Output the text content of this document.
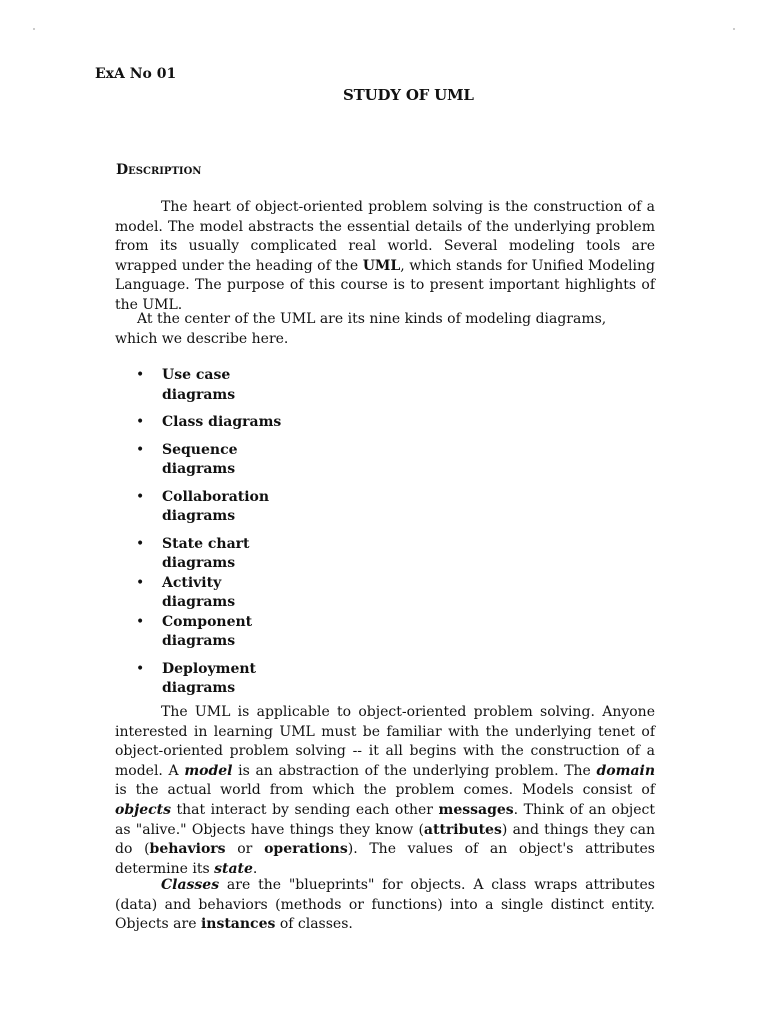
ExA No 01
STUDY OF UML
Description
The heart of object-oriented problem solving is the construction of a model. The model abstracts the essential details of the underlying problem from its usually complicated real world. Several modeling tools are wrapped under the heading of the UML, which stands for Unified Modeling Language. The purpose of this course is to present important highlights of the UML.
At the center of the UML are its nine kinds of modeling diagrams, which we describe here.
• Use case diagrams
• Class diagrams
• Sequence diagrams
• Collaboration diagrams
• State chart diagrams
• Activity diagrams
• Component diagrams
• Deployment diagrams
The UML is applicable to object-oriented problem solving. Anyone interested in learning UML must be familiar with the underlying tenet of object-oriented problem solving -- it all begins with the construction of a model. A model is an abstraction of the underlying problem. The domain is the actual world from which the problem comes. Models consist of objects that interact by sending each other messages. Think of an object as "alive." Objects have things they know (attributes) and things they can do (behaviors or operations). The values of an object's attributes determine its state.
Classes are the "blueprints" for objects. A class wraps attributes (data) and behaviors (methods or functions) into a single distinct entity. Objects are instances of classes.
